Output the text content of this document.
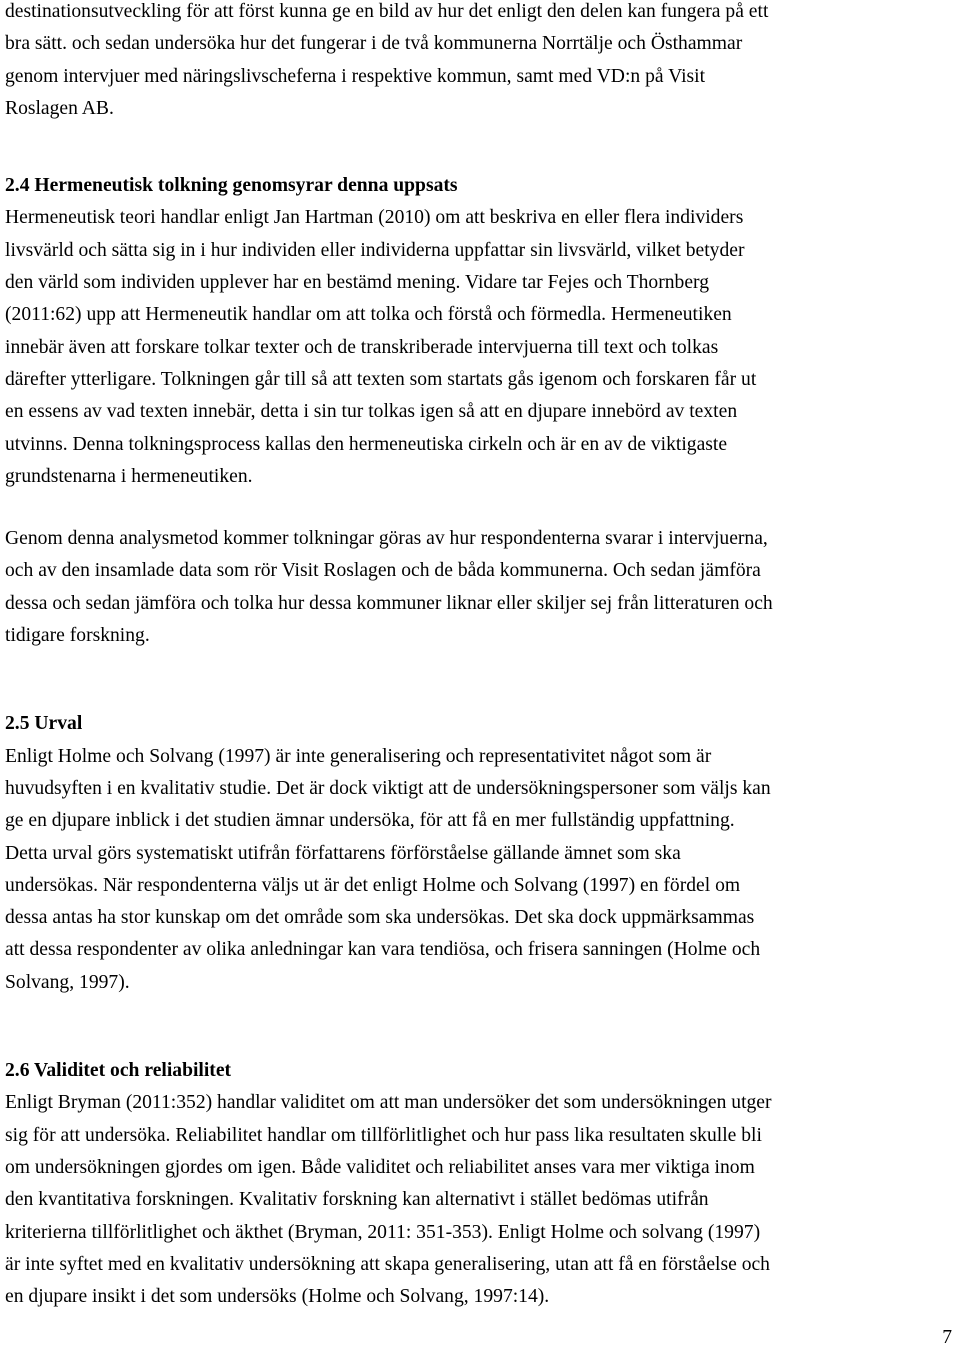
destinationsutveckling för att först kunna ge en bild av hur det enligt den delen kan fungera på ett
bra sätt. och sedan undersöka hur det fungerar i de två kommunerna Norrtälje och Östhammar
genom intervjuer med näringslivscheferna i respektive kommun, samt med VD:n på Visit
Roslagen AB.

2.4 Hermeneutisk tolkning genomsyrar denna uppsats

Hermeneutisk teori handlar enligt Jan Hartman (2010) om att beskriva en eller flera individers
livsvärld och sätta sig in i hur individen eller individerna uppfattar sin livsvärld, vilket betyder
den värld som individen upplever har en bestämd mening. Vidare tar Fejes och Thornberg
(2011:62) upp att Hermeneutik handlar om att tolka och förstå och förmedla. Hermeneutiken
innebär även att forskare tolkar texter och de transkriberade intervjuerna till text och tolkas
därefter ytterligare. Tolkningen går till så att texten som startats gås igenom och forskaren får ut
en essens av vad texten innebär, detta i sin tur tolkas igen så att en djupare innebörd av texten
utvinns. Denna tolkningsprocess kallas den hermeneutiska cirkeln och är en av de viktigaste
grundstenarna i hermeneutiken.

Genom denna analysmetod kommer tolkningar göras av hur respondenterna svarar i intervjuerna,
och av den insamlade data som rör Visit Roslagen och de båda kommunerna. Och sedan jämföra
dessa och sedan jämföra och tolka hur dessa kommuner liknar eller skiljer sej från litteraturen och
tidigare forskning.

2.5 Urval

Enligt Holme och Solvang (1997) är inte generalisering och representativitet något som är
huvudsyften i en kvalitativ studie. Det är dock viktigt att de undersökningspersoner som väljs kan
ge en djupare inblick i det studien ämnar undersöka, för att få en mer fullständig uppfattning.
Detta urval görs systematiskt utifrån författarens förförståelse gällande ämnet som ska
undersökas. När respondenterna väljs ut är det enligt Holme och Solvang (1997) en fördel om
dessa antas ha stor kunskap om det område som ska undersökas. Det ska dock uppmärksammas
att dessa respondenter av olika anledningar kan vara tendiösa, och frisera sanningen (Holme och
Solvang, 1997).

2.6 Validitet och reliabilitet

Enligt Bryman (2011:352) handlar validitet om att man undersöker det som undersökningen utger
sig för att undersöka. Reliabilitet handlar om tillförlitlighet och hur pass lika resultaten skulle bli
om undersökningen gjordes om igen. Både validitet och reliabilitet anses vara mer viktiga inom
den kvantitativa forskningen. Kvalitativ forskning kan alternativt i stället bedömas utifrån
kriterierna tillförlitlighet och äkthet (Bryman, 2011: 351-353). Enligt Holme och solvang (1997)
är inte syftet med en kvalitativ undersökning att skapa generalisering, utan att få en förståelse och
en djupare insikt i det som undersöks (Holme och Solvang, 1997:14).

7
